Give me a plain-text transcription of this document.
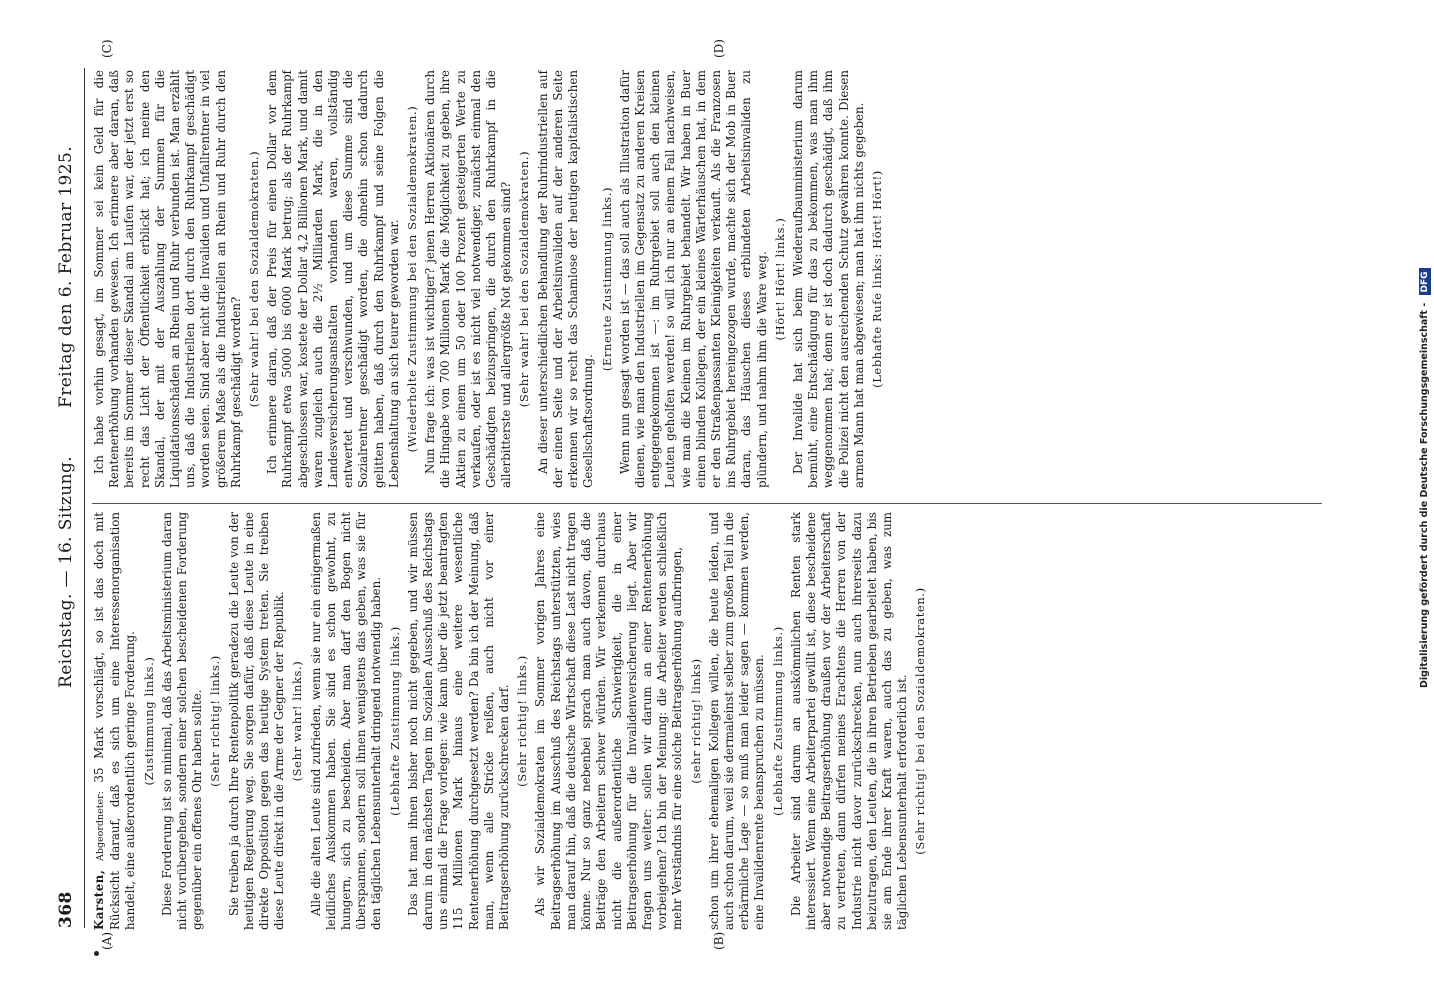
368
Reichstag. — 16. Sitzung.
Freitag den 6. Februar 1925.
(A)	(B)
(C)	(D)

Karsten, Abgeordneter: 35 Mark vorschlägt, so ist das doch mit Rücksicht darauf, daß es sich um eine Interessenorganisation handelt, eine außerordentlich geringe Forderung. (Zustimmung links.) Diese Forderung ist so minimal, daß das Arbeitsministerium daran nicht vorübergehen, sondern einer solchen bescheidenen Forderung gegenüber ein offenes Ohr haben sollte. (Sehr richtig! links.) Sie treiben ja durch Ihre Rentenpolitik geradezu die Leute von der heutigen Regierung weg. Sie sorgen dafür, daß diese Leute in eine direkte Opposition gegen das heutige System treten. Sie treiben diese Leute direkt in die Arme der Gegner der Republik. (Sehr wahr! links.) Alle die alten Leute sind zufrieden, wenn sie nur ein einigermaßen leidliches Auskommen haben. Sie sind es schon gewohnt, zu hungern, sich zu bescheiden. Aber man darf den Bogen nicht überspannen, sondern soll ihnen wenigstens das geben, was sie für den täglichen Lebensunterhalt dringend notwendig haben. (Lebhafte Zustimmung links.) Das hat man ihnen bisher noch nicht gegeben, und wir müssen darum in den nächsten Tagen im Sozialen Ausschuß des Reichstags uns einmal die Frage vorlegen: wie kann über die jetzt beantragten 115 Millionen Mark hinaus eine weitere wesentliche Rentenerhöhung durchgesetzt werden? Da bin ich der Meinung, daß man, wenn alle Stricke reißen, auch nicht vor einer Beitragserhöhung zurückschrecken darf. (Sehr richtig! links.) Als wir Sozialdemokraten im Sommer vorigen Jahres eine Beitragserhöhung im Ausschuß des Reichstags unterstützten, wies man darauf hin, daß die deutsche Wirtschaft diese Last nicht tragen könne. Nur so ganz nebenbei sprach man auch davon, daß die Beiträge den Arbeitern schwer würden. Wir verkennen durchaus nicht die außerordentliche Schwierigkeit, die in einer Beitragserhöhung für die Invalidenversicherung liegt. Aber wir fragen uns weiter: sollen wir darum an einer Rentenerhöhung vorbeigehen? Ich bin der Meinung: die Arbeiter werden schließlich mehr Verständnis für eine solche Beitragserhöhung aufbringen, (sehr richtig! links) schon um ihrer ehemaligen Kollegen willen, die heute leiden, und auch schon darum, weil sie dermaleinst selber zum großen Teil in die erbärmliche Lage — so muß man leider sagen — kommen werden, eine Invalidenrente beanspruchen zu müssen. (Lebhafte Zustimmung links.) Die Arbeiter sind darum an auskömmlichen Renten stark interessiert. Wenn eine Arbeiterpartei gewillt ist, diese bescheidene aber notwendige Beitragserhöhung draußen vor der Arbeiterschaft zu vertreten, dann dürfen meines Erachtens die Herren von der Industrie nicht davor zurückschrecken, nun auch ihrerseits dazu beizutragen, den Leuten, die in ihren Betrieben gearbeitet haben, bis sie am Ende ihrer Kraft waren, auch das zu geben, was zum täglichen Lebensunterhalt erforderlich ist. (Sehr richtig! bei den Sozialdemokraten.)

Ich habe vorhin gesagt, im Sommer sei kein Geld für die Rentenerhöhung vorhanden gewesen. Ich erinnere aber daran, daß bereits im Sommer dieser Skandal am Laufen war, der jetzt erst so recht das Licht der Öffentlichkeit erblickt hat; ich meine den Skandal, der mit der Auszahlung der Summen für die Liquidationsschäden an Rhein und Ruhr verbunden ist. Man erzählt uns, daß die Industriellen dort durch den Ruhrkampf geschädigt worden seien. Sind aber nicht die Invaliden und Unfallrentner in viel größerem Maße als die Industriellen an Rhein und Ruhr durch den Ruhrkampf geschädigt worden? (Sehr wahr! bei den Sozialdemokraten.) Ich erinnere daran, daß der Preis für einen Dollar vor dem Ruhrkampf etwa 5000 bis 6000 Mark betrug; als der Ruhrkampf abgeschlossen war, kostete der Dollar 4,2 Billionen Mark, und damit waren zugleich auch die 2½ Milliarden Mark, die in den Landesversicherungsanstalten vorhanden waren, vollständig entwertet und verschwunden, und um diese Summe sind die Sozialrentner geschädigt worden, die ohnehin schon dadurch gelitten haben, daß durch den Ruhrkampf und seine Folgen die Lebenshaltung an sich teurer geworden war. (Wiederholte Zustimmung bei den Sozialdemokraten.) Nun frage ich: was ist wichtiger? jenen Herren Aktionären durch die Hingabe von 700 Millionen Mark die Möglichkeit zu geben, ihre Aktien zu einem um 50 oder 100 Prozent gesteigerten Werte zu verkaufen, oder ist es nicht viel notwendiger, zunächst einmal den Geschädigten beizuspringen, die durch den Ruhrkampf in die allerbitterste und allergrößte Not gekommen sind? (Sehr wahr! bei den Sozialdemokraten.) An dieser unterschiedlichen Behandlung der Ruhrindustriellen auf der einen Seite und der Arbeitsinvaliden auf der anderen Seite erkennen wir so recht das Schamlose der heutigen kapitalistischen Gesellschaftsordnung.

(Erneute Zustimmung links.) Wenn nun gesagt worden ist — das soll auch als Illustration dafür dienen, wie man den Industriellen im Gegensatz zu anderen Kreisen entgegengekommen ist —: im Ruhrgebiet soll auch den kleinen Leuten geholfen werden! so will ich nur an einem Fall nachweisen, wie man die Kleinen im Ruhrgebiet behandelt. Wir haben in Buer einen blinden Kollegen, der ein kleines Wärterhäuschen hat, in dem er den Straßenpassanten Kleinigkeiten verkauft. Als die Franzosen ins Ruhrgebiet hereingezogen wurde, machte sich der Mob in Buer daran, das Häuschen dieses erblindeten Arbeitsinvaliden zu plündern, und nahm ihm die Ware weg. (Hört! Hört! links.) Der Invalide hat sich beim Wiederaufbauministerium darum bemüht, eine Entschädigung für das zu bekommen, was man ihm weggenommen hat; denn er ist doch dadurch geschädigt, daß ihm die Polizei nicht den ausreichenden Schutz gewähren konnte. Diesen armen Mann hat man abgewiesen; man hat ihm nichts gegeben. (Lebhafte Rufe links: Hört! Hört!)

Digitalisierung gefördert durch die Deutsche Forschungsgemeinschaft - DFG
